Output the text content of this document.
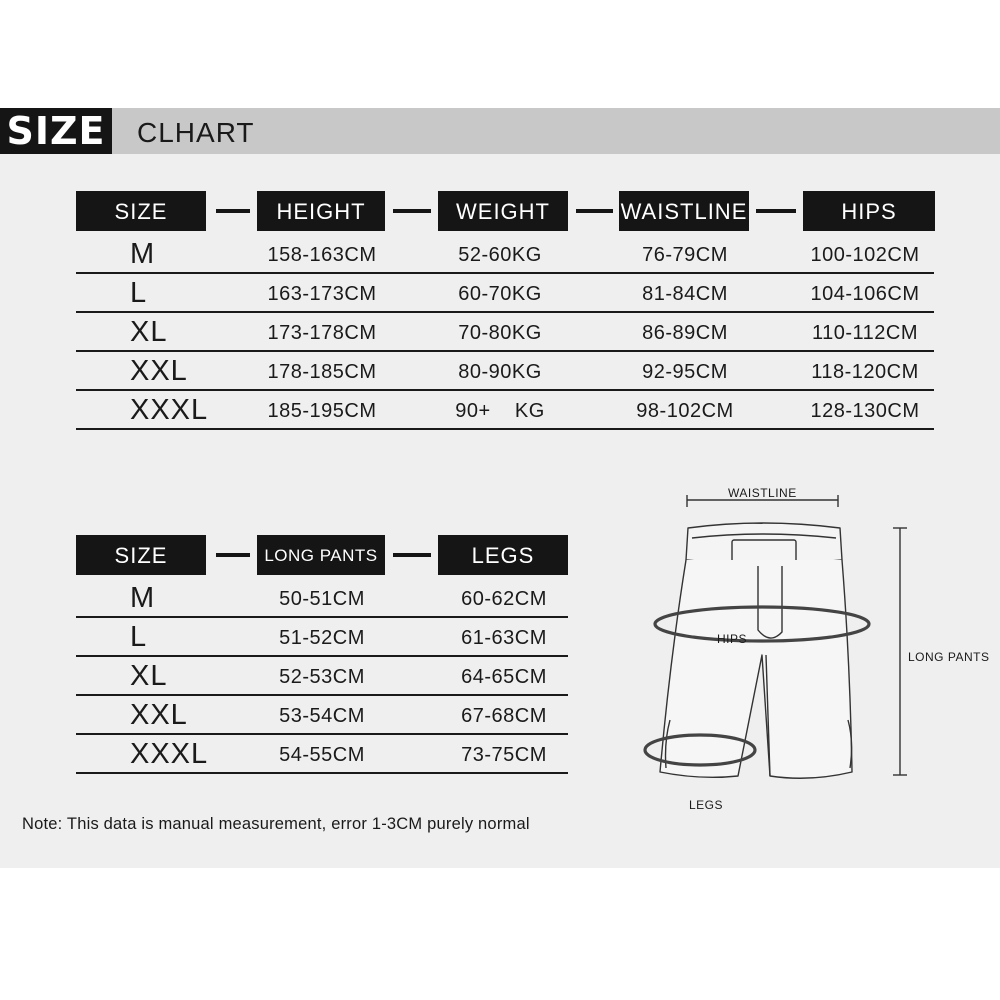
SIZE CLHART
SIZE	HEIGHT	WEIGHT	WAISTLINE	HIPS
M	158-163CM	52-60KG	76-79CM	100-102CM
L	163-173CM	60-70KG	81-84CM	104-106CM
XL	173-178CM	70-80KG	86-89CM	110-112CM
XXL	178-185CM	80-90KG	92-95CM	118-120CM
XXXL	185-195CM	90+    KG	98-102CM	128-130CM
SIZE	LONG PANTS	LEGS
M	50-51CM	60-62CM
L	51-52CM	61-63CM
XL	52-53CM	64-65CM
XXL	53-54CM	67-68CM
XXXL	54-55CM	73-75CM
WAISTLINE
HIPS
LONG PANTS
LEGS
Note: This data is manual measurement, error 1-3CM purely normal
